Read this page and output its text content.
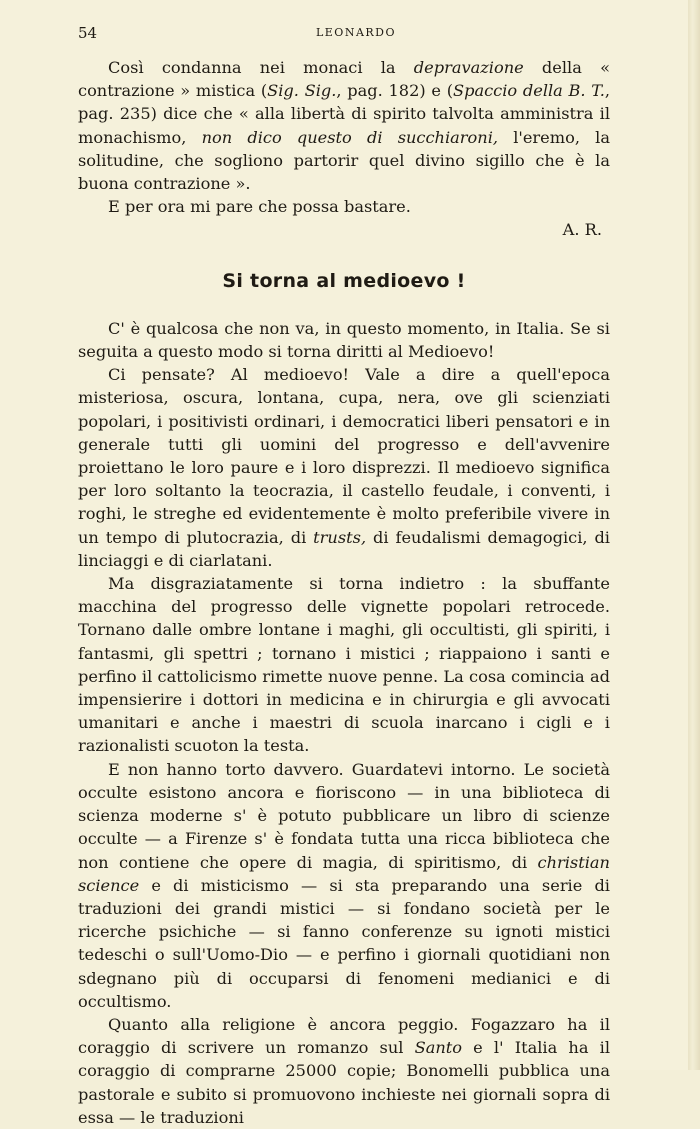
54	LEONARDO

Così condanna nei monaci la depravazione della « contrazione » mistica (Sig. Sig., pag. 182) e (Spaccio della B. T., pag. 235) dice che « alla libertà di spirito talvolta amministra il monachismo, non dico questo di succhiaroni, l'eremo, la solitudine, che sogliono partorir quel divino sigillo che è la buona contrazione ».

E per ora mi pare che possa bastare.

A. R.

Si torna al medioevo !

C' è qualcosa che non va, in questo momento, in Italia. Se si seguita a questo modo si torna diritti al Medioevo!

Ci pensate? Al medioevo! Vale a dire a quell'epoca misteriosa, oscura, lontana, cupa, nera, ove gli scienziati popolari, i positivisti ordinari, i democratici liberi pensatori e in generale tutti gli uomini del progresso e dell'avvenire proiettano le loro paure e i loro disprezzi. Il medioevo significa per loro soltanto la teocrazia, il castello feudale, i conventi, i roghi, le streghe ed evidentemente è molto preferibile vivere in un tempo di plutocrazia, di trusts, di feudalismi demagogici, di linciaggi e di ciarlatani.

Ma disgraziatamente si torna indietro : la sbuffante macchina del progresso delle vignette popolari retrocede. Tornano dalle ombre lontane i maghi, gli occultisti, gli spiriti, i fantasmi, gli spettri ; tornano i mistici ; riappaiono i santi e perfino il cattolicismo rimette nuove penne. La cosa comincia ad impensierire i dottori in medicina e in chirurgia e gli avvocati umanitari e anche i maestri di scuola inarcano i cigli e i razionalisti scuoton la testa.

E non hanno torto davvero. Guardatevi intorno. Le società occulte esistono ancora e fioriscono — in una biblioteca di scienza moderne s' è potuto pubblicare un libro di scienze occulte — a Firenze s' è fondata tutta una ricca biblioteca che non contiene che opere di magia, di spiritismo, di christian science e di misticismo — si sta preparando una serie di traduzioni dei grandi mistici — si fondano società per le ricerche psichiche — si fanno conferenze su ignoti mistici tedeschi o sull'Uomo-Dio — e perfino i giornali quotidiani non sdegnano più di occuparsi di fenomeni medianici e di occultismo.

Quanto alla religione è ancora peggio. Fogazzaro ha il coraggio di scrivere un romanzo sul Santo e l' Italia ha il coraggio di comprarne 25000 copie; Bonomelli pubblica una pastorale e subito si promuovono inchieste nei giornali sopra di essa — le traduzioni
